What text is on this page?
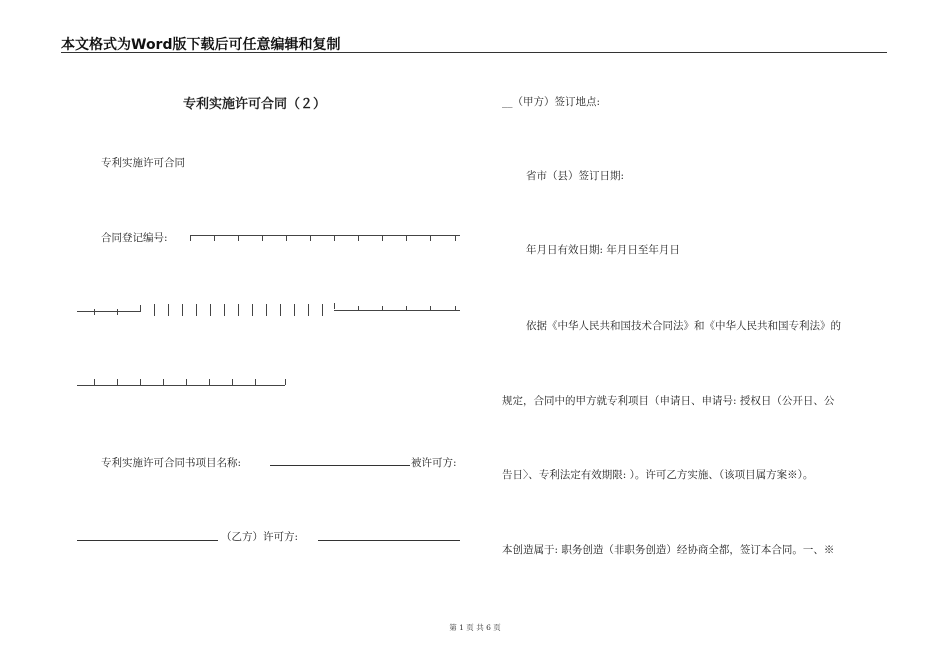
本文格式为Word版下载后可任意编辑和复制
专利实施许可合同（２）
专利实施许可合同
合同登记编号:
专利实施许可合同书项目名称:	被许可方:
（乙方）许可方:
__（甲方）签订地点:
省市（县）签订日期:
年月日有效日期: 年月日至年月日
依据《中华人民共和国技术合同法》和《中华人民共和国专利法》的
规定，合同中的甲方就专利项目（申请日、申请号: 授权日（公开日、公
告日〉、专利法定有效期限: ）。许可乙方实施、（该项目属方案※）。
本创造属于: 职务创造（非职务创造）经协商全都，签订本合同。一、※
第 1 页 共 6 页
